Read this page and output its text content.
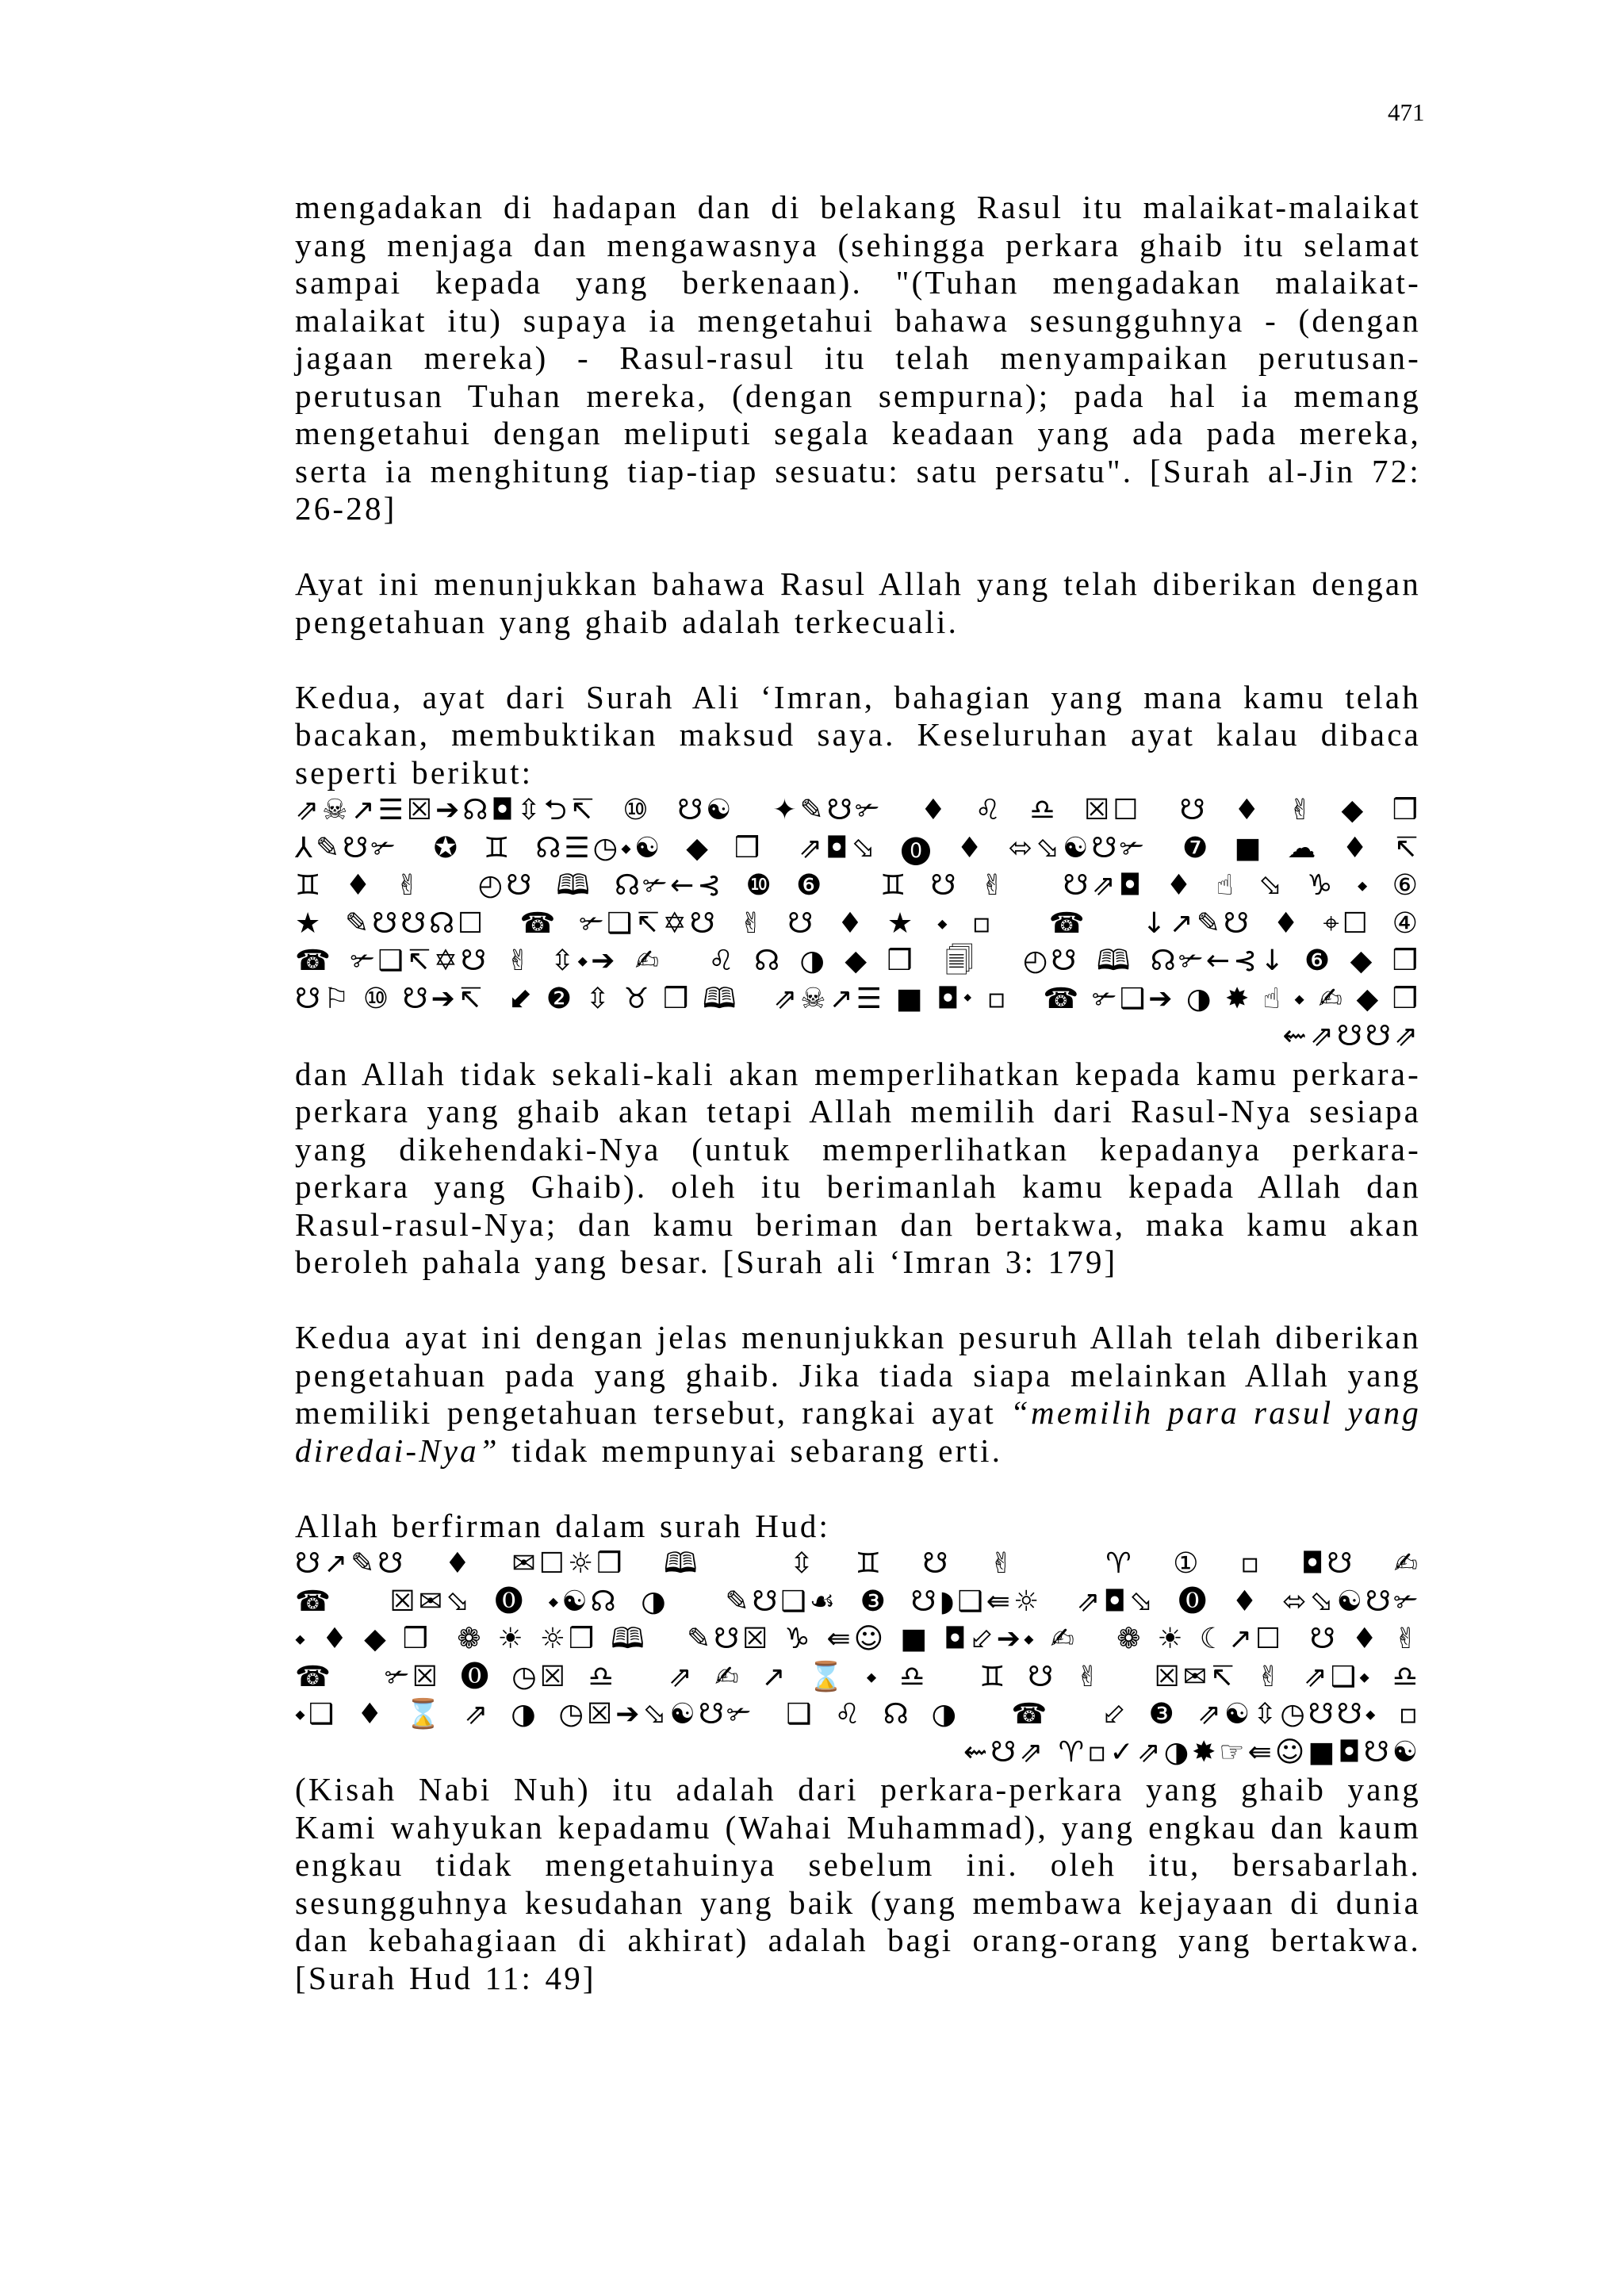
471

mengadakan di hadapan dan di belakang Rasul itu malaikat-malaikat yang menjaga dan mengawasnya (sehingga perkara ghaib itu selamat sampai kepada yang berkenaan). "(Tuhan mengadakan malaikat-malaikat itu) supaya ia mengetahui bahawa sesungguhnya - (dengan jagaan mereka) - Rasul-rasul itu telah menyampaikan perutusan-perutusan Tuhan mereka, (dengan sempurna); pada hal ia memang mengetahui dengan meliputi segala keadaan yang ada pada mereka, serta ia menghitung tiap-tiap sesuatu: satu persatu". [Surah al-Jin 72: 26-28]

Ayat ini menunjukkan bahawa Rasul Allah yang telah diberikan dengan pengetahuan yang ghaib adalah terkecuali.

Kedua, ayat dari Surah Ali ‘Imran, bahagian yang mana kamu telah bacakan, membuktikan maksud saya. Keseluruhan ayat kalau dibaca seperti berikut:

⇗☠↗☰☒➔☊◘⇳⮌↸⑩☋☯ ✦✎☋✃ ♦♌♎☒☐ ☋♦✌◆❒
⅄✎☋✃ ✪♊☊☰◷⬩☯◆❒ ⇗◘⬂⓿♦⬄⬂☯☋✃ ❼■☁♦↸
♊♦✌ ◴☋🕮☊✃←⊰❿❻ ♊☋✌ ☋⇗◘♦☝⬂♑⬩⑥
★✎☋☋☊☐ ☎✃❑↸✡☋✌☋♦★⬩▫ ☎ ↓↗✎☋♦⌖☐④
☎✃❑↸✡☋✌⇳⬩➔✍ ♌☊◑◆❒ 🗐 ◴☋🕮☊✃←⊰↓❻◆❒
☋⚐⑩☋➔↸ ⬋❷⇳♉❒🕮 ⇗☠↗☰■◘⬩▫ ☎✃❑➔◑✸☝⬩✍◆❒
⇜⇗☋☋⇗

dan Allah tidak sekali-kali akan memperlihatkan kepada kamu perkara-perkara yang ghaib akan tetapi Allah memilih dari Rasul-Nya sesiapa yang dikehendaki-Nya (untuk memperlihatkan kepadanya perkara-perkara yang Ghaib). oleh itu berimanlah kamu kepada Allah dan Rasul-rasul-Nya; dan kamu beriman dan bertakwa, maka kamu akan beroleh pahala yang besar. [Surah ali ‘Imran 3: 179]

Kedua ayat ini dengan jelas menunjukkan pesuruh Allah telah diberikan pengetahuan pada yang ghaib. Jika tiada siapa melainkan Allah yang memiliki pengetahuan tersebut, rangkai ayat “memilih para rasul yang diredai-Nya” tidak mempunyai sebarang erti.

Allah berfirman dalam surah Hud:

☋↗✎☋♦✉☐☼❒🕮 ⇳♊☋✌ ♈①▫◘☋✍
☎ ☒✉⬂⓿⬩☯☊◑ ✎☋❑☙❸☋◗❑⇚☼ ⇗◘⬂⓿♦⬄⬂☯☋✃
⬩♦◆❒ ❁☀☼❒🕮 ✎☋☒♑⇚☺■◘⬃➔⬩✍ ❁☀☾↗☐ ☋♦✌
☎ ✃☒⓿◷☒♎ ⇗✍↗⌛⬩♎ ♊☋✌ ☒✉↸✌⇗❑⬩♎
⬩❑♦⌛⇗◑◷☒➔⬂☯☋✃ ❑♌☊◑ ☎ ⬃❸⇗☯⇳◷☋☋⬩▫
⇜☋⇗ ♈▫✓⇗◑✸☞⇚☺■◘☋☯

(Kisah Nabi Nuh) itu adalah dari perkara-perkara yang ghaib yang Kami wahyukan kepadamu (Wahai Muhammad), yang engkau dan kaum engkau tidak mengetahuinya sebelum ini. oleh itu, bersabarlah. sesungguhnya kesudahan yang baik (yang membawa kejayaan di dunia dan kebahagiaan di akhirat) adalah bagi orang-orang yang bertakwa. [Surah Hud 11: 49]
